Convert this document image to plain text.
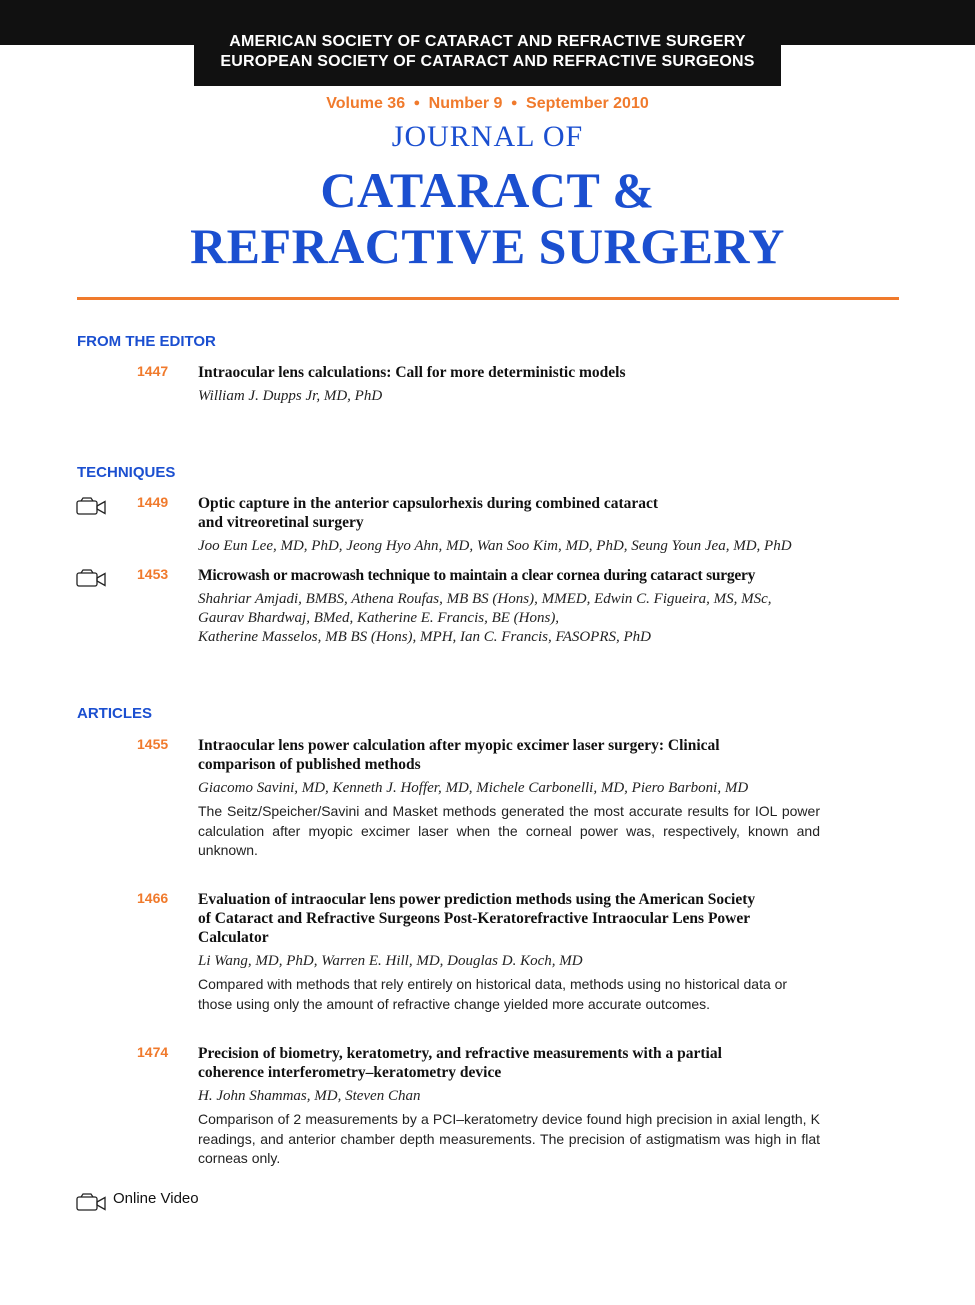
AMERICAN SOCIETY OF CATARACT AND REFRACTIVE SURGERY
EUROPEAN SOCIETY OF CATARACT AND REFRACTIVE SURGEONS
Volume 36 ● Number 9 ● September 2010
JOURNAL OF
CATARACT &
REFRACTIVE SURGERY
FROM THE EDITOR
1447 Intraocular lens calculations: Call for more deterministic models
William J. Dupps Jr, MD, PhD
TECHNIQUES
1449 Optic capture in the anterior capsulorhexis during combined cataract
and vitreoretinal surgery
Joo Eun Lee, MD, PhD, Jeong Hyo Ahn, MD, Wan Soo Kim, MD, PhD, Seung Youn Jea, MD, PhD
1453 Microwash or macrowash technique to maintain a clear cornea during cataract surgery
Shahriar Amjadi, BMBS, Athena Roufas, MB BS (Hons), MMED, Edwin C. Figueira, MS, MSc,
Gaurav Bhardwaj, BMed, Katherine E. Francis, BE (Hons),
Katherine Masselos, MB BS (Hons), MPH, Ian C. Francis, FASOPRS, PhD
ARTICLES
1455 Intraocular lens power calculation after myopic excimer laser surgery: Clinical
comparison of published methods
Giacomo Savini, MD, Kenneth J. Hoffer, MD, Michele Carbonelli, MD, Piero Barboni, MD
The Seitz/Speicher/Savini and Masket methods generated the most accurate results for IOL power calculation after myopic excimer laser when the corneal power was, respectively, known and unknown.
1466 Evaluation of intraocular lens power prediction methods using the American Society
of Cataract and Refractive Surgeons Post-Keratorefractive Intraocular Lens Power
Calculator
Li Wang, MD, PhD, Warren E. Hill, MD, Douglas D. Koch, MD
Compared with methods that rely entirely on historical data, methods using no historical data or those using only the amount of refractive change yielded more accurate outcomes.
1474 Precision of biometry, keratometry, and refractive measurements with a partial
coherence interferometry–keratometry device
H. John Shammas, MD, Steven Chan
Comparison of 2 measurements by a PCI–keratometry device found high precision in axial length, K readings, and anterior chamber depth measurements. The precision of astigmatism was high in flat corneas only.
Online Video
